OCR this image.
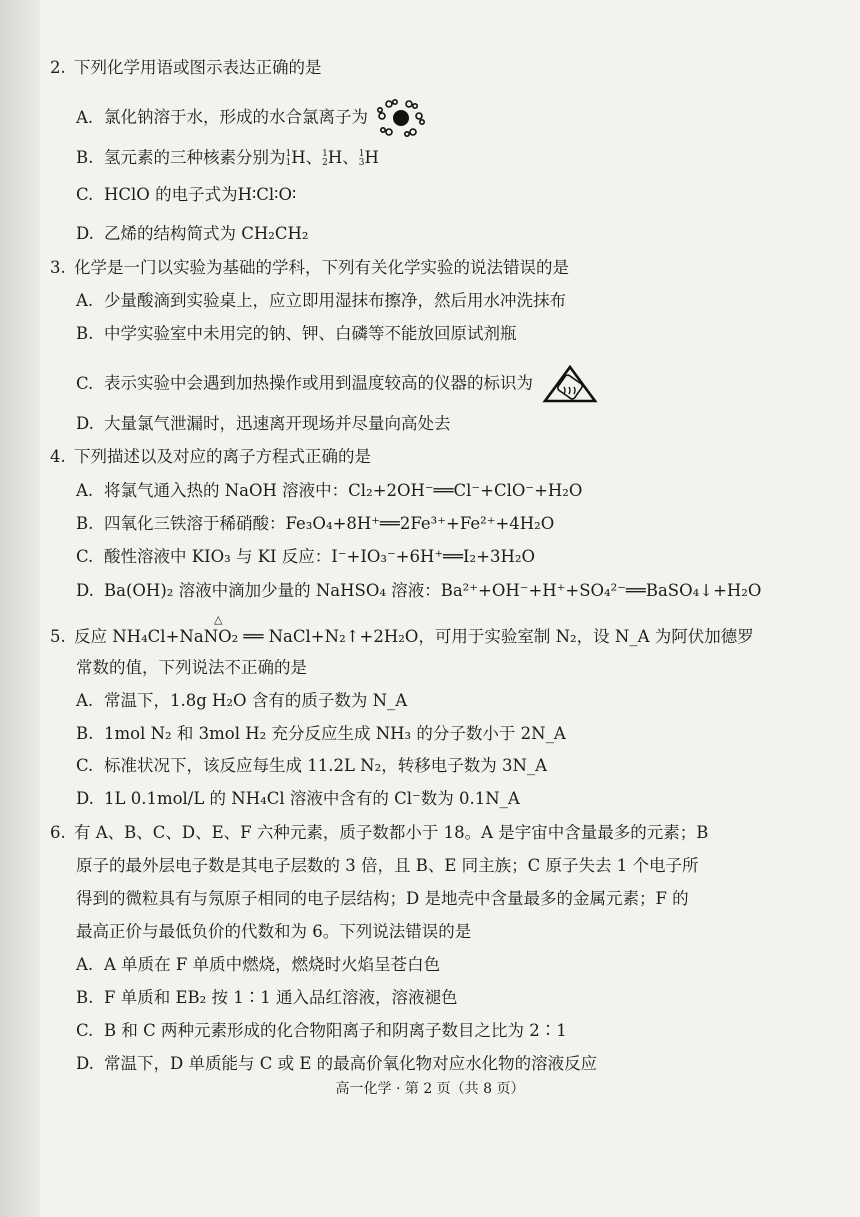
2. 下列化学用语或图示表达正确的是
A. 氯化钠溶于水，形成的水合氯离子为
B. 氢元素的三种核素分别为 1
1 H、 1
2 H、 1
3 H
C. HClO 的电子式为H∶Cl∶O∶
D. 乙烯的结构简式为 CH₂CH₂
3. 化学是一门以实验为基础的学科，下列有关化学实验的说法错误的是
A. 少量酸滴到实验桌上，应立即用湿抹布擦净，然后用水冲洗抹布
B. 中学实验室中未用完的钠、钾、白磷等不能放回原试剂瓶
C. 表示实验中会遇到加热操作或用到温度较高的仪器的标识为
D. 大量氯气泄漏时，迅速离开现场并尽量向高处去
4. 下列描述以及对应的离子方程式正确的是
A. 将氯气通入热的 NaOH 溶液中：Cl₂+2OH⁻══Cl⁻+ClO⁻+H₂O
B. 四氧化三铁溶于稀硝酸：Fe₃O₄+8H⁺══2Fe³⁺+Fe²⁺+4H₂O
C. 酸性溶液中 KIO₃ 与 KI 反应：I⁻+IO₃⁻+6H⁺══I₂+3H₂O
D. Ba(OH)₂ 溶液中滴加少量的 NaHSO₄ 溶液：Ba²⁺+OH⁻+H⁺+SO₄²⁻══BaSO₄↓+H₂O
5. 反应 NH₄Cl+NaNO₂ ══ NaCl+N₂↑+2H₂O，可用于实验室制 N₂，设 N_A 为阿伏加德罗
△
常数的值，下列说法不正确的是
A. 常温下，1.8g H₂O 含有的质子数为 N_A
B. 1mol N₂ 和 3mol H₂ 充分反应生成 NH₃ 的分子数小于 2N_A
C. 标准状况下，该反应每生成 11.2L N₂，转移电子数为 3N_A
D. 1L 0.1mol/L 的 NH₄Cl 溶液中含有的 Cl⁻数为 0.1N_A
6. 有 A、B、C、D、E、F 六种元素，质子数都小于 18。A 是宇宙中含量最多的元素；B
原子的最外层电子数是其电子层数的 3 倍，且 B、E 同主族；C 原子失去 1 个电子所
得到的微粒具有与氖原子相同的电子层结构；D 是地壳中含量最多的金属元素；F 的
最高正价与最低负价的代数和为 6。下列说法错误的是
A. A 单质在 F 单质中燃烧，燃烧时火焰呈苍白色
B. F 单质和 EB₂ 按 1∶1 通入品红溶液，溶液褪色
C. B 和 C 两种元素形成的化合物阳离子和阴离子数目之比为 2∶1
D. 常温下，D 单质能与 C 或 E 的最高价氧化物对应水化物的溶液反应
高一化学 · 第 2 页（共 8 页）
